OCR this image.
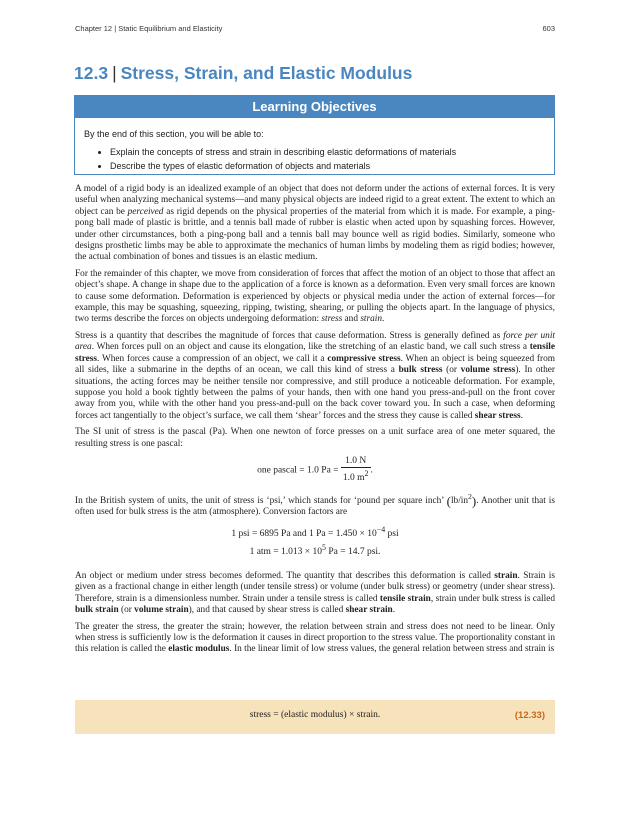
Chapter 12 | Static Equilibrium and Elasticity	603
12.3 | Stress, Strain, and Elastic Modulus
Learning Objectives
By the end of this section, you will be able to:
• Explain the concepts of stress and strain in describing elastic deformations of materials
• Describe the types of elastic deformation of objects and materials

A model of a rigid body is an idealized example of an object that does not deform under the actions of external forces. It is very useful when analyzing mechanical systems—and many physical objects are indeed rigid to a great extent. The extent to which an object can be perceived as rigid depends on the physical properties of the material from which it is made. For example, a ping-pong ball made of plastic is brittle, and a tennis ball made of rubber is elastic when acted upon by squashing forces. However, under other circumstances, both a ping-pong ball and a tennis ball may bounce well as rigid bodies. Similarly, someone who designs prosthetic limbs may be able to approximate the mechanics of human limbs by modeling them as rigid bodies; however, the actual combination of bones and tissues is an elastic medium.

For the remainder of this chapter, we move from consideration of forces that affect the motion of an object to those that affect an object’s shape. A change in shape due to the application of a force is known as a deformation. Even very small forces are known to cause some deformation. Deformation is experienced by objects or physical media under the action of external forces—for example, this may be squashing, squeezing, ripping, twisting, shearing, or pulling the objects apart. In the language of physics, two terms describe the forces on objects undergoing deformation: stress and strain.

Stress is a quantity that describes the magnitude of forces that cause deformation. Stress is generally defined as force per unit area. When forces pull on an object and cause its elongation, like the stretching of an elastic band, we call such stress a tensile stress. When forces cause a compression of an object, we call it a compressive stress. When an object is being squeezed from all sides, like a submarine in the depths of an ocean, we call this kind of stress a bulk stress (or volume stress). In other situations, the acting forces may be neither tensile nor compressive, and still produce a noticeable deformation. For example, suppose you hold a book tightly between the palms of your hands, then with one hand you press-and-pull on the front cover away from you, while with the other hand you press-and-pull on the back cover toward you. In such a case, when deforming forces act tangentially to the object’s surface, we call them ‘shear’ forces and the stress they cause is called shear stress.

The SI unit of stress is the pascal (Pa). When one newton of force presses on a unit surface area of one meter squared, the resulting stress is one pascal:

one pascal = 1.0 $Pa = \frac{1.0 N}{1.0 m^2}$ .

In the British system of units, the unit of stress is ‘psi,’ which stands for ‘pound per square inch’ $(lb/in^2)$. Another unit that is often used for bulk stress is the atm (atmosphere). Conversion factors are

1 psi = 6895 Pa and 1 $Pa = 1.450 \times 10^{-4}$ psi
1 atm = $1.013 \times 10^5$ Pa = 14.7 psi.

An object or medium under stress becomes deformed. The quantity that describes this deformation is called strain. Strain is given as a fractional change in either length (under tensile stress) or volume (under bulk stress) or geometry (under shear stress). Therefore, strain is a dimensionless number. Strain under a tensile stress is called tensile strain, strain under bulk stress is called bulk strain (or volume strain), and that caused by shear stress is called shear strain.

The greater the stress, the greater the strain; however, the relation between strain and stress does not need to be linear. Only when stress is sufficiently low is the deformation it causes in direct proportion to the stress value. The proportionality constant in this relation is called the elastic modulus. In the linear limit of low stress values, the general relation between stress and strain is

stress = (elastic modulus) × strain.	(12.33)
